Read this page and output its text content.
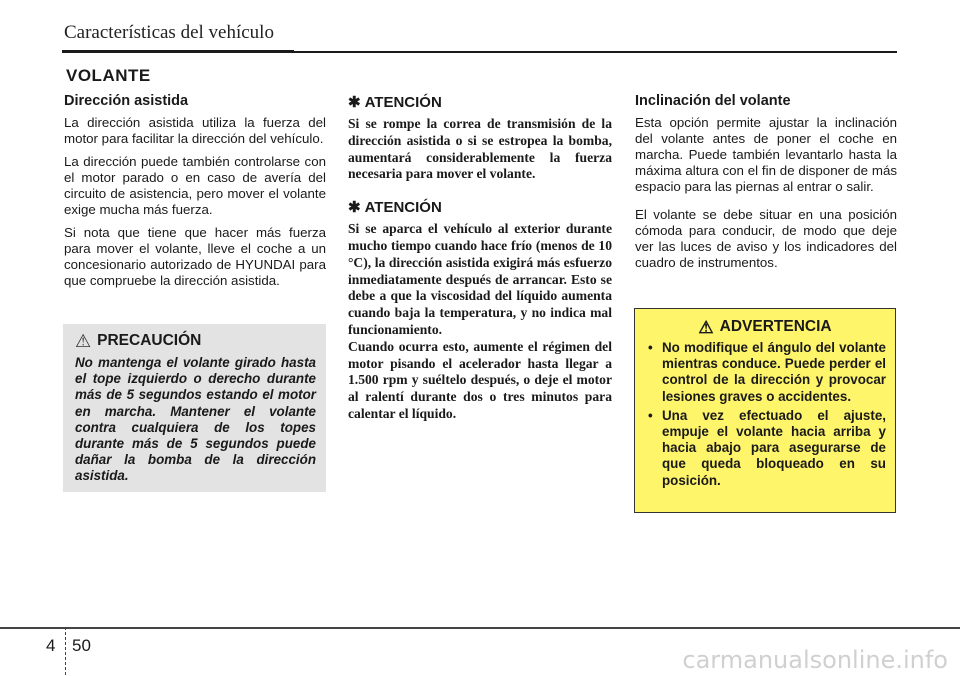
Características del vehículo
VOLANTE
Dirección asistida

La dirección asistida utiliza la fuerza del motor para facilitar la dirección del vehículo.

La dirección puede también controlarse con el motor parado o en caso de avería del circuito de asistencia, pero mover el volante exige mucha más fuerza.

Si nota que tiene que hacer más fuerza para mover el volante, lleve el coche a un concesionario autorizado de HYUNDAI para que compruebe la dirección asistida.

⚠ PRECAUCIÓN

No mantenga el volante girado hasta el tope izquierdo o derecho durante más de 5 segundos estando el motor en marcha. Mantener el volante contra cualquiera de los topes durante más de 5 segundos puede dañar la bomba de la dirección asistida.

✱ ATENCIÓN

Si se rompe la correa de transmisión de la dirección asistida o si se estropea la bomba, aumentará considerablemente la fuerza necesaria para mover el volante.

✱ ATENCIÓN

Si se aparca el vehículo al exterior durante mucho tiempo cuando hace frío (menos de 10 °C), la dirección asistida exigirá más esfuerzo inmediatamente después de arrancar. Esto se debe a que la viscosidad del líquido aumenta cuando baja la temperatura, y no indica mal funcionamiento.

Cuando ocurra esto, aumente el régimen del motor pisando el acelerador hasta llegar a 1.500 rpm y suéltelo después, o deje el motor al ralentí durante dos o tres minutos para calentar el líquido.

Inclinación del volante

Esta opción permite ajustar la inclinación del volante antes de poner el coche en marcha. Puede también levantarlo hasta la máxima altura con el fin de disponer de más espacio para las piernas al entrar o salir.

El volante se debe situar en una posición cómoda para conducir, de modo que deje ver las luces de aviso y los indicadores del cuadro de instrumentos.

⚠ ADVERTENCIA
• No modifique el ángulo del volante mientras conduce. Puede perder el control de la dirección y provocar lesiones graves o accidentes.
• Una vez efectuado el ajuste, empuje el volante hacia arriba y hacia abajo para asegurarse de que queda bloqueado en su posición.
4 50
carmanualsonline.info
